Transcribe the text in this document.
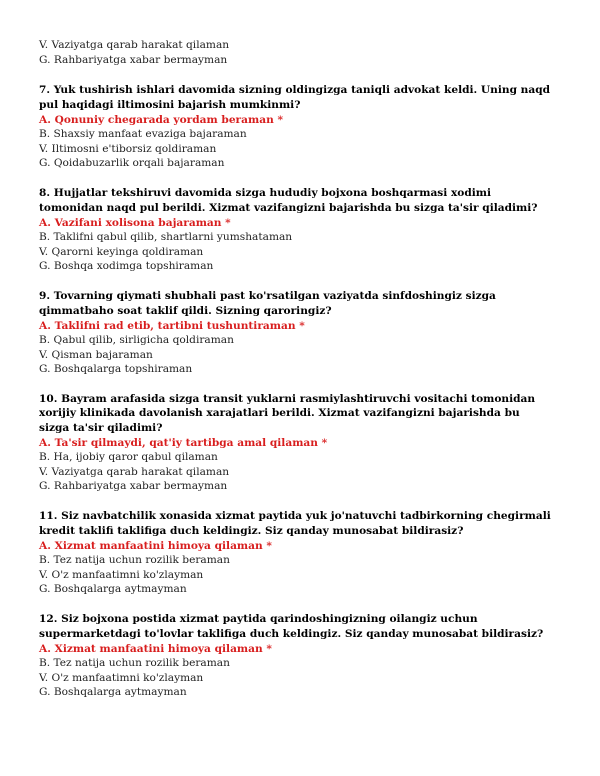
V. Vaziyatga qarab harakat qilaman
G. Rahbariyatga xabar bermayman
7. Yuk tushirish ishlari davomida sizning oldingizga taniqli advokat keldi. Uning naqd
pul haqidagi iltimosini bajarish mumkinmi?
A. Qonuniy chegarada yordam beraman *
B. Shaxsiy manfaat evaziga bajaraman
V. Iltimosni e'tiborsiz qoldiraman
G. Qoidabuzarlik orqali bajaraman
8. Hujjatlar tekshiruvi davomida sizga hududiy bojxona boshqarmasi xodimi
tomonidan naqd pul berildi. Xizmat vazifangizni bajarishda bu sizga ta'sir qiladimi?
A. Vazifani xolisona bajaraman *
B. Taklifni qabul qilib, shartlarni yumshataman
V. Qarorni keyinga qoldiraman
G. Boshqa xodimga topshiraman
9. Tovarning qiymati shubhali past ko'rsatilgan vaziyatda sinfdoshingiz sizga
qimmatbaho soat taklif qildi. Sizning qaroringiz?
A. Taklifni rad etib, tartibni tushuntiraman *
B. Qabul qilib, sirligicha qoldiraman
V. Qisman bajaraman
G. Boshqalarga topshiraman
10. Bayram arafasida sizga transit yuklarni rasmiylashtiruvchi vositachi tomonidan
xorijiy klinikada davolanish xarajatlari berildi. Xizmat vazifangizni bajarishda bu
sizga ta'sir qiladimi?
A. Ta'sir qilmaydi, qat'iy tartibga amal qilaman *
B. Ha, ijobiy qaror qabul qilaman
V. Vaziyatga qarab harakat qilaman
G. Rahbariyatga xabar bermayman
11. Siz navbatchilik xonasida xizmat paytida yuk jo'natuvchi tadbirkorning chegirmali
kredit taklifi taklifiga duch keldingiz. Siz qanday munosabat bildirasiz?
A. Xizmat manfaatini himoya qilaman *
B. Tez natija uchun rozilik beraman
V. O'z manfaatimni ko'zlayman
G. Boshqalarga aytmayman
12. Siz bojxona postida xizmat paytida qarindoshingizning oilangiz uchun
supermarketdagi to'lovlar taklifiga duch keldingiz. Siz qanday munosabat bildirasiz?
A. Xizmat manfaatini himoya qilaman *
B. Tez natija uchun rozilik beraman
V. O'z manfaatimni ko'zlayman
G. Boshqalarga aytmayman
